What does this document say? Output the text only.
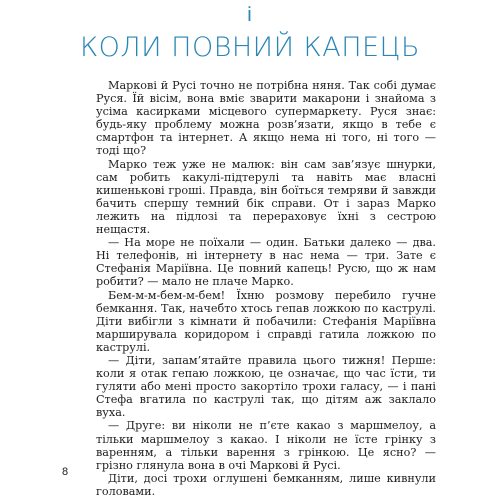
і
КОЛИ ПОВНИЙ КАПЕЦЬ

Маркові й Русі точно не потрібна няня. Так собі думає Руся. Їй вісім, вона вміє зварити макарони і знайома з усіма касирками місцевого супермаркету. Руся знає: будь-яку проблему можна розв’язати, якщо в тебе є смартфон та інтернет. А якщо нема ні того, ні того — тоді що?

Марко теж уже не малюк: він сам зав’язує шнурки, сам робить какулі-підтерулі та навіть має власні кишенькові гроші. Правда, він боїться темряви й завжди бачить спершу темний бік справи. От і зараз Марко лежить на підлозі та перераховує їхні з сестрою нещастя.

— На море не поїхали — один. Батьки далеко — два. Ні телефонів, ні інтернету в нас нема — три. Зате є Стефанія Маріївна. Це повний капець! Русю, що ж нам робити? — мало не плаче Марко.

Бем-м-м-бем-м-бем! Їхню розмову перебило гучне бемкання. Так, начебто хтось гепав ложкою по каструлі. Діти вибігли з кімнати й побачили: Стефанія Маріївна марширувала коридором і справді гатила ложкою по каструлі.

— Діти, запам’ятайте правила цього тижня! Перше: коли я отак гепаю ложкою, це означає, що час їсти, ти гуляти або мені просто закортіло трохи галасу, — і пані Стефа вгатила по каструлі так, що дітям аж заклало вуха.

— Друге: ви ніколи не п’єте какао з маршмелоу, а тільки маршмелоу з какао. І ніколи не їсте грінку з варенням, а тільки варення з грінкою. Це ясно? — грізно глянула вона в очі Маркові й Русі.

Діти, досі трохи оглушені бемканням, лише кивнули головами.

8
